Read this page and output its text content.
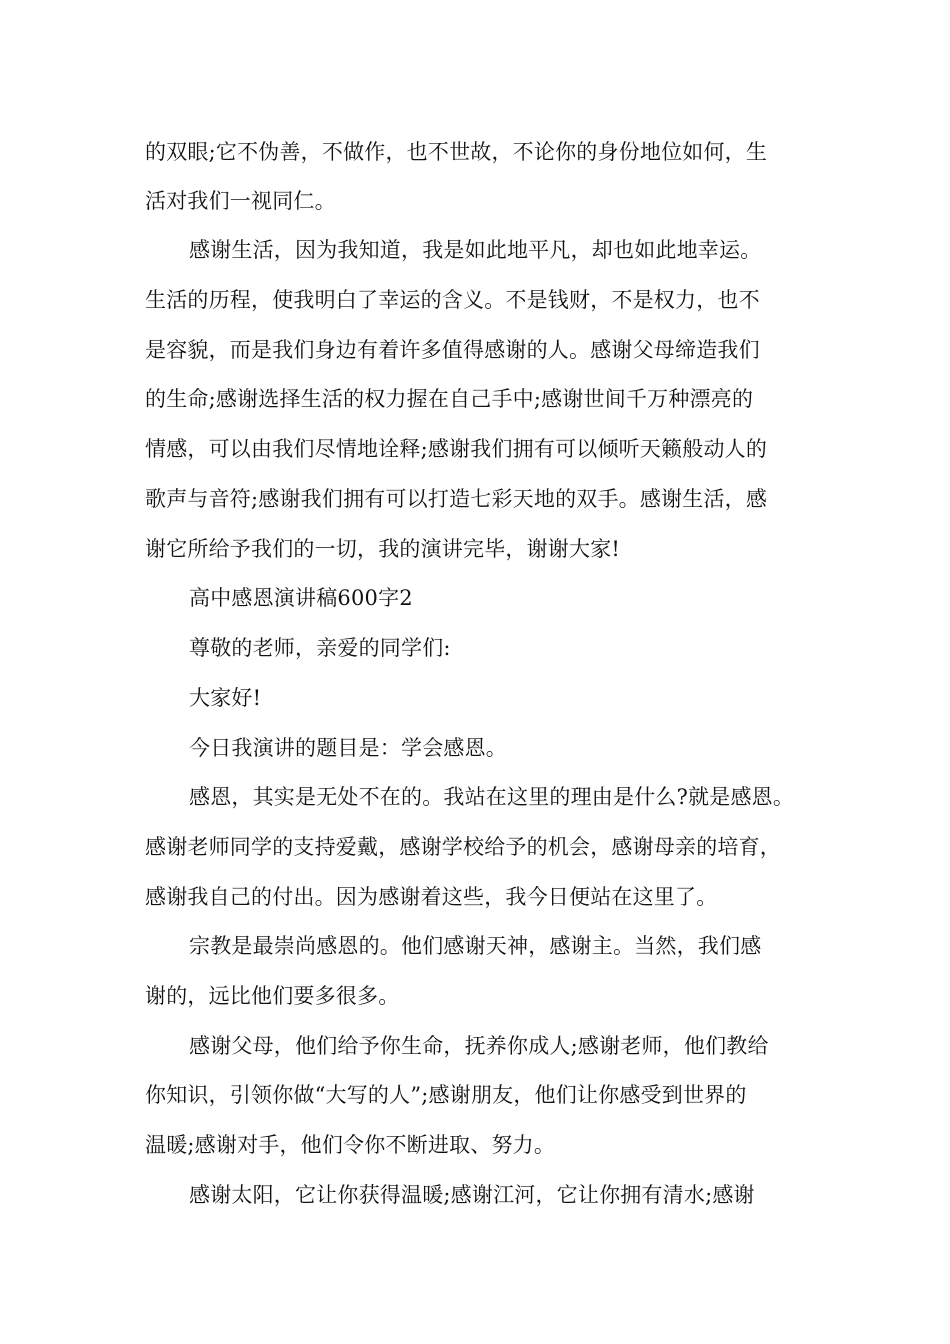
的双眼;它不伪善，不做作，也不世故，不论你的身份地位如何，生
活对我们一视同仁。
感谢生活，因为我知道，我是如此地平凡，却也如此地幸运。
生活的历程，使我明白了幸运的含义。不是钱财，不是权力，也不
是容貌，而是我们身边有着许多值得感谢的人。感谢父母缔造我们
的生命;感谢选择生活的权力握在自己手中;感谢世间千万种漂亮的
情感，可以由我们尽情地诠释;感谢我们拥有可以倾听天籁般动人的
歌声与音符;感谢我们拥有可以打造七彩天地的双手。感谢生活，感
谢它所给予我们的一切，我的演讲完毕，谢谢大家!
高中感恩演讲稿600字2
尊敬的老师，亲爱的同学们:
大家好!
今日我演讲的题目是：学会感恩。
感恩，其实是无处不在的。我站在这里的理由是什么?就是感恩。
感谢老师同学的支持爱戴，感谢学校给予的机会，感谢母亲的培育，
感谢我自己的付出。因为感谢着这些，我今日便站在这里了。
宗教是最崇尚感恩的。他们感谢天神，感谢主。当然，我们感
谢的，远比他们要多很多。
感谢父母，他们给予你生命，抚养你成人;感谢老师，他们教给
你知识，引领你做“大写的人”;感谢朋友，他们让你感受到世界的
温暖;感谢对手，他们令你不断进取、努力。
感谢太阳，它让你获得温暖;感谢江河，它让你拥有清水;感谢
